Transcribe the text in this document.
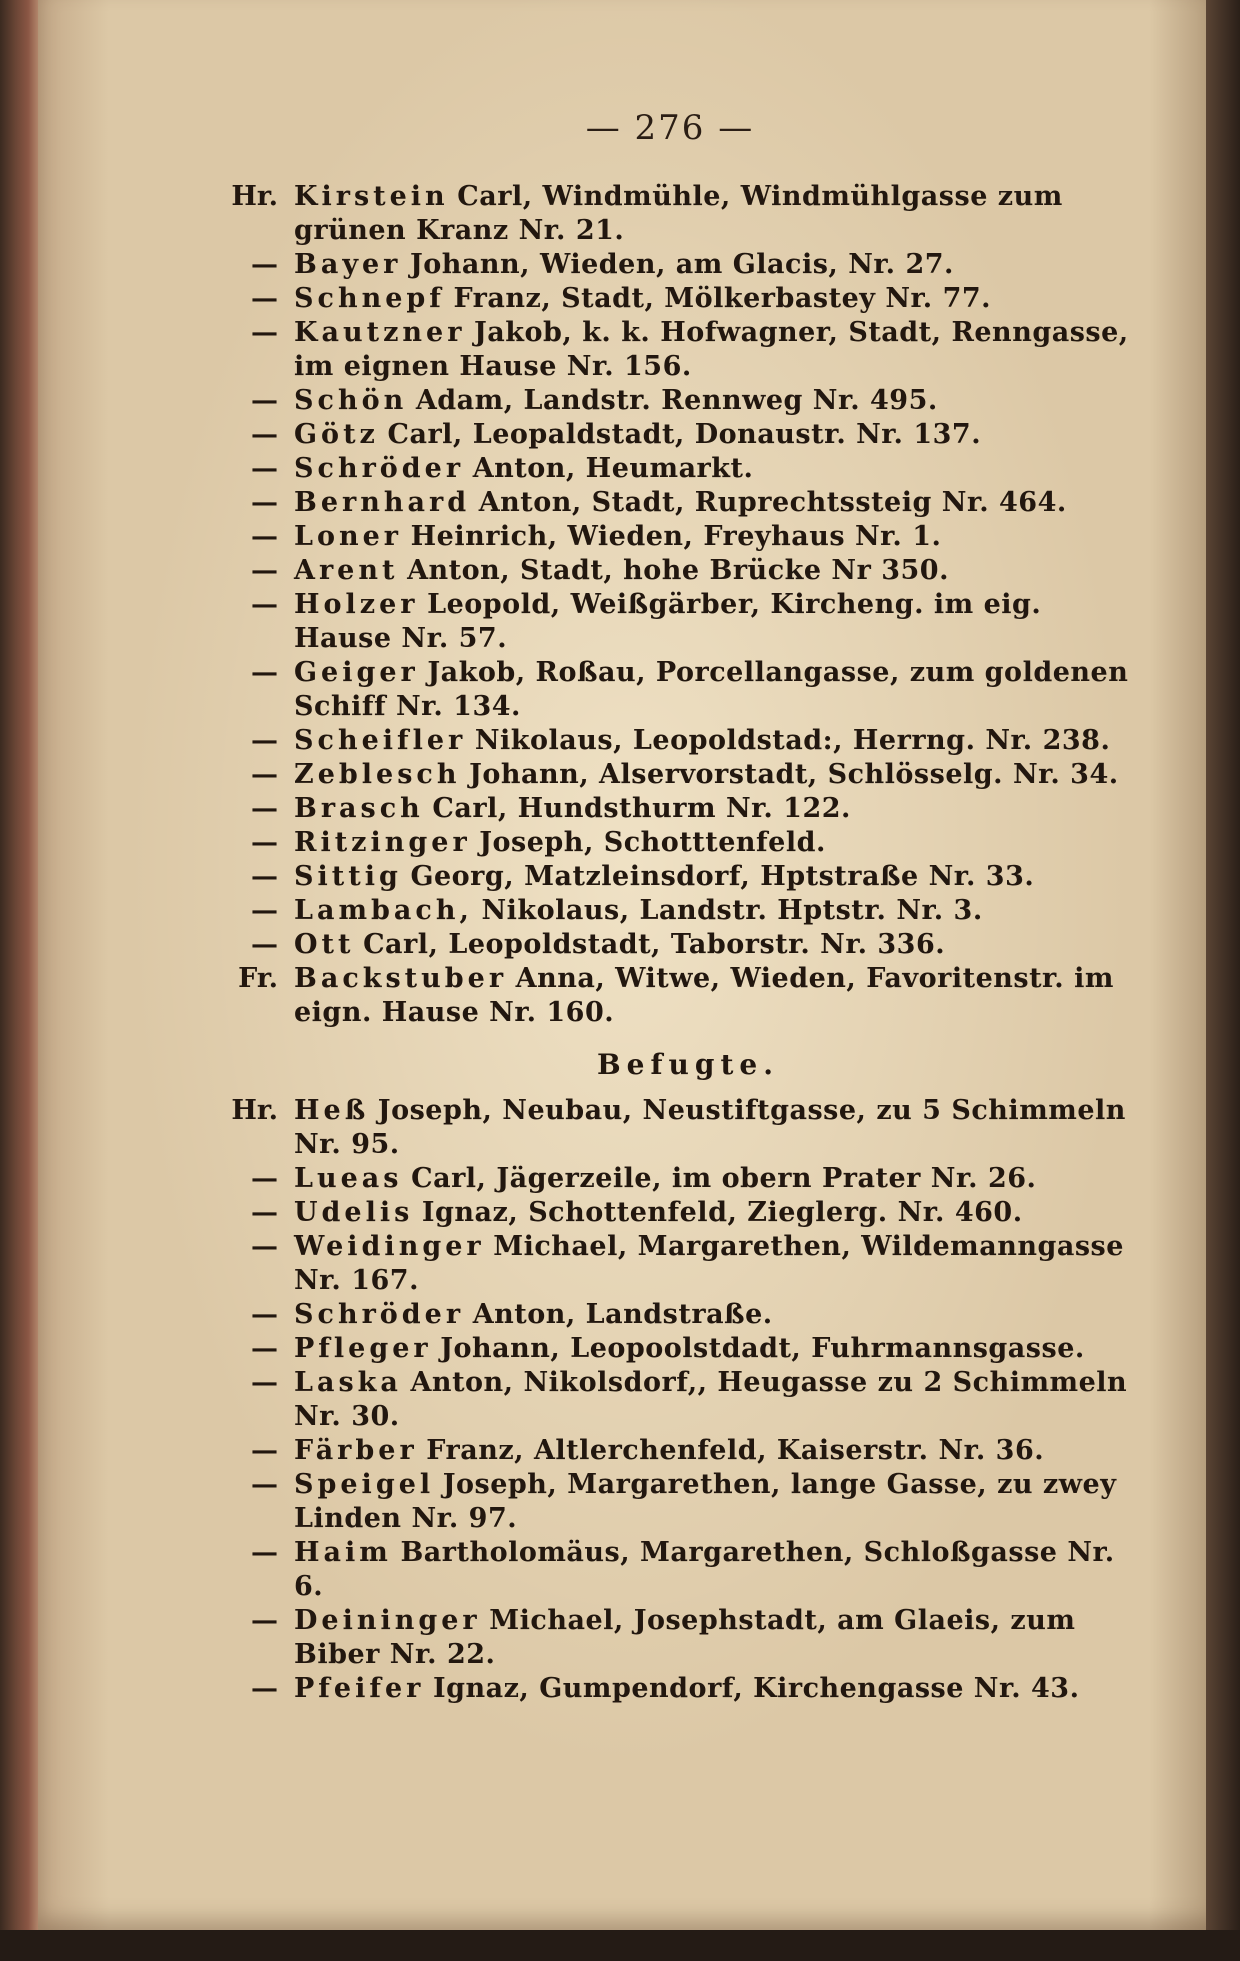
— 276 —
Hr. Kirstein Carl, Windmühle, Windmühlgasse zum grünen Kranz Nr. 21.
— Bayer Johann, Wieden, am Glacis, Nr. 27.
— Schnepf Franz, Stadt, Mölkerbastey Nr. 77.
— Kautzner Jakob, k. k. Hofwagner, Stadt, Renngasse, im eignen Hause Nr. 156.
— Schön Adam, Landstr. Rennweg Nr. 495.
— Götz Carl, Leopaldstadt, Donaustr. Nr. 137.
— Schröder Anton, Heumarkt.
— Bernhard Anton, Stadt, Ruprechtssteig Nr. 464.
— Loner Heinrich, Wieden, Freyhaus Nr. 1.
— Arent Anton, Stadt, hohe Brücke Nr 350.
— Holzer Leopold, Weißgärber, Kircheng. im eig. Hause Nr. 57.
— Geiger Jakob, Roßau, Porcellangasse, zum goldenen Schiff Nr. 134.
— Scheifler Nikolaus, Leopoldstad:, Herrng. Nr. 238.
— Zeblesch Johann, Alservorstadt, Schlösselg. Nr. 34.
— Brasch Carl, Hundsthurm Nr. 122.
— Ritzinger Joseph, Schotttenfeld.
— Sittig Georg, Matzleinsdorf, Hptstraße Nr. 33.
— Lambach, Nikolaus, Landstr. Hptstr. Nr. 3.
— Ott Carl, Leopoldstadt, Taborstr. Nr. 336.
Fr. Backstuber Anna, Witwe, Wieden, Favoritenstr. im eign. Hause Nr. 160.
Befugte.
Hr. Heß Joseph, Neubau, Neustiftgasse, zu 5 Schimmeln Nr. 95.
— Lueas Carl, Jägerzeile, im obern Prater Nr. 26.
— Udelis Ignaz, Schottenfeld, Zieglerg. Nr. 460.
— Weidinger Michael, Margarethen, Wildemanngasse Nr. 167.
— Schröder Anton, Landstraße.
— Pfleger Johann, Leopoolstdadt, Fuhrmannsgasse.
— Laska Anton, Nikolsdorf,, Heugasse zu 2 Schimmeln Nr. 30.
— Färber Franz, Altlerchenfeld, Kaiserstr. Nr. 36.
— Speigel Joseph, Margarethen, lange Gasse, zu zwey Linden Nr. 97.
— Haim Bartholomäus, Margarethen, Schloßgasse Nr. 6.
— Deininger Michael, Josephstadt, am Glaeis, zum Biber Nr. 22.
— Pfeifer Ignaz, Gumpendorf, Kirchengasse Nr. 43.
